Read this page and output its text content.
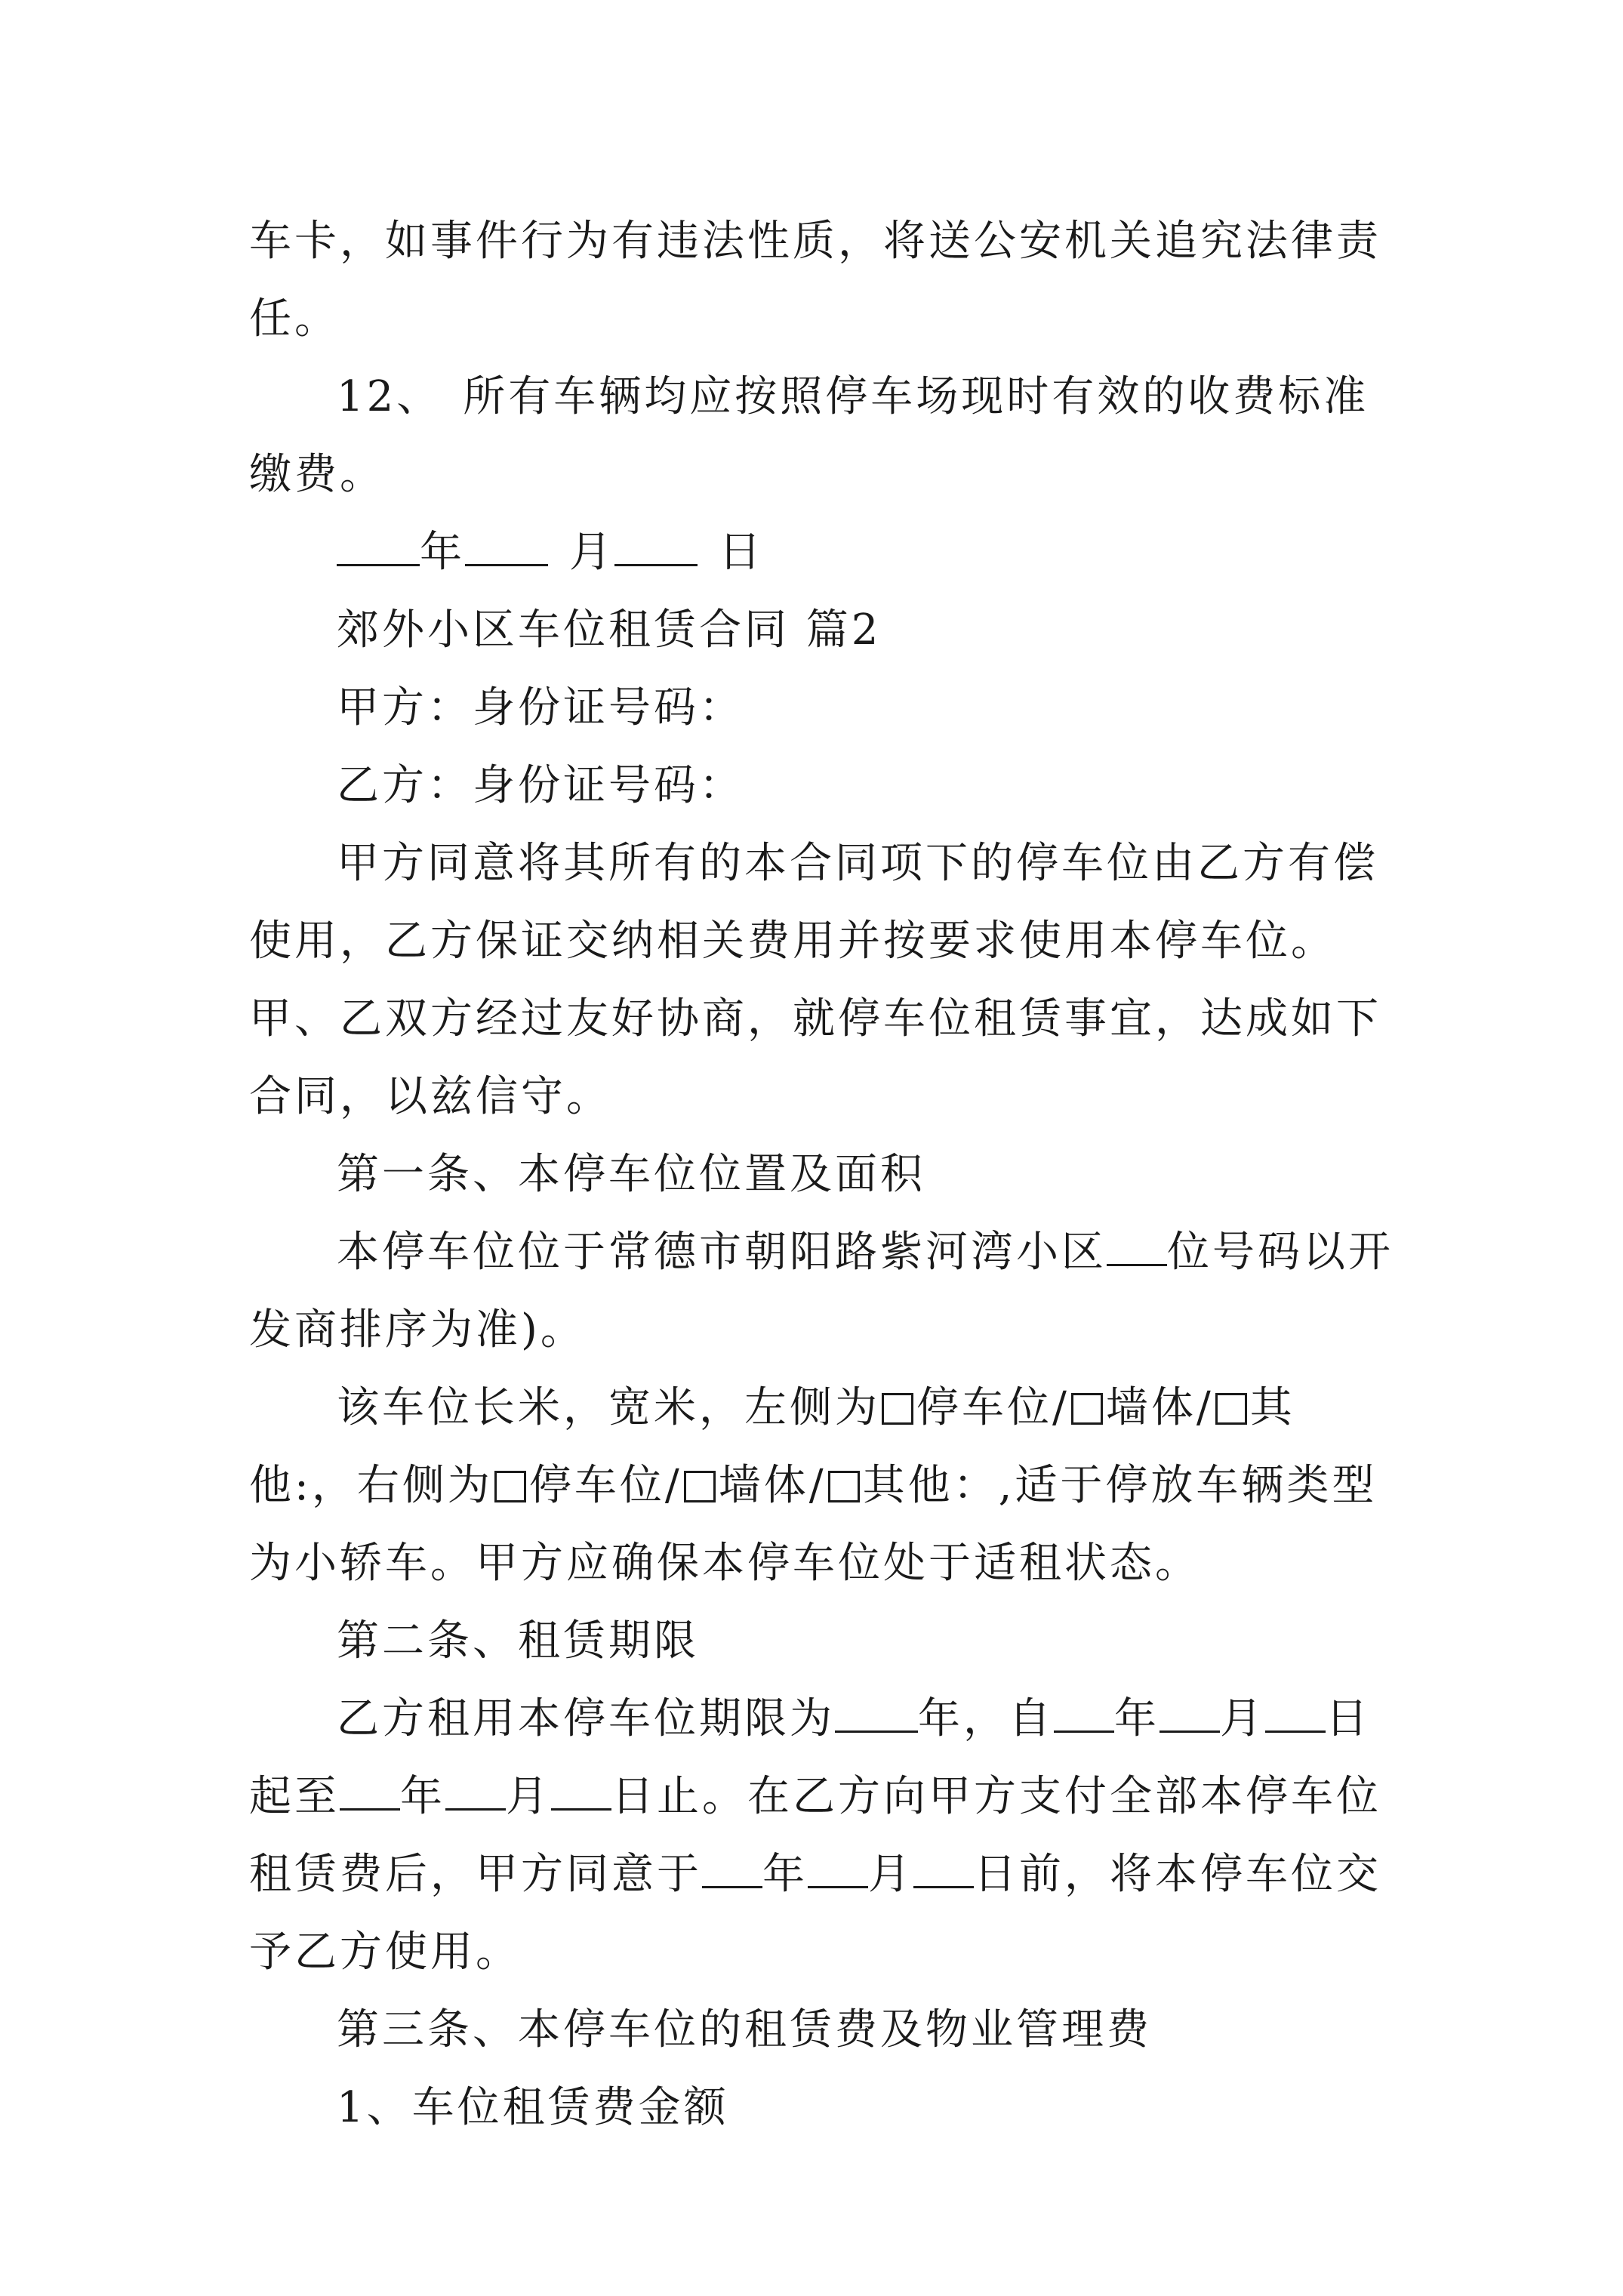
车卡，如事件行为有违法性质，将送公安机关追究法律责任。

12、 所有车辆均应按照停车场现时有效的收费标准缴费。

年 月 日

郊外小区车位租赁合同 篇2

甲方：身份证号码：

乙方：身份证号码：

甲方同意将其所有的本合同项下的停车位由乙方有偿使用，乙方保证交纳相关费用并按要求使用本停车位。甲、乙双方经过友好协商，就停车位租赁事宜，达成如下合同，以兹信守。

第一条、本停车位位置及面积

本停车位位于常德市朝阳路紫河湾小区 位号码以开发商排序为准)。

该车位长米，宽米，左侧为 停车位/ 墙体/ 其他:，右侧为 停车位/ 墙体/ 其他：,适于停放车辆类型为小轿车。甲方应确保本停车位处于适租状态。

第二条、租赁期限

乙方租用本停车位期限为 年，自 年 月 日起至 年 月 日止。在乙方向甲方支付全部本停车位租赁费后，甲方同意于 年 月 日前，将本停车位交予乙方使用。

第三条、本停车位的租赁费及物业管理费

1、车位租赁费金额
